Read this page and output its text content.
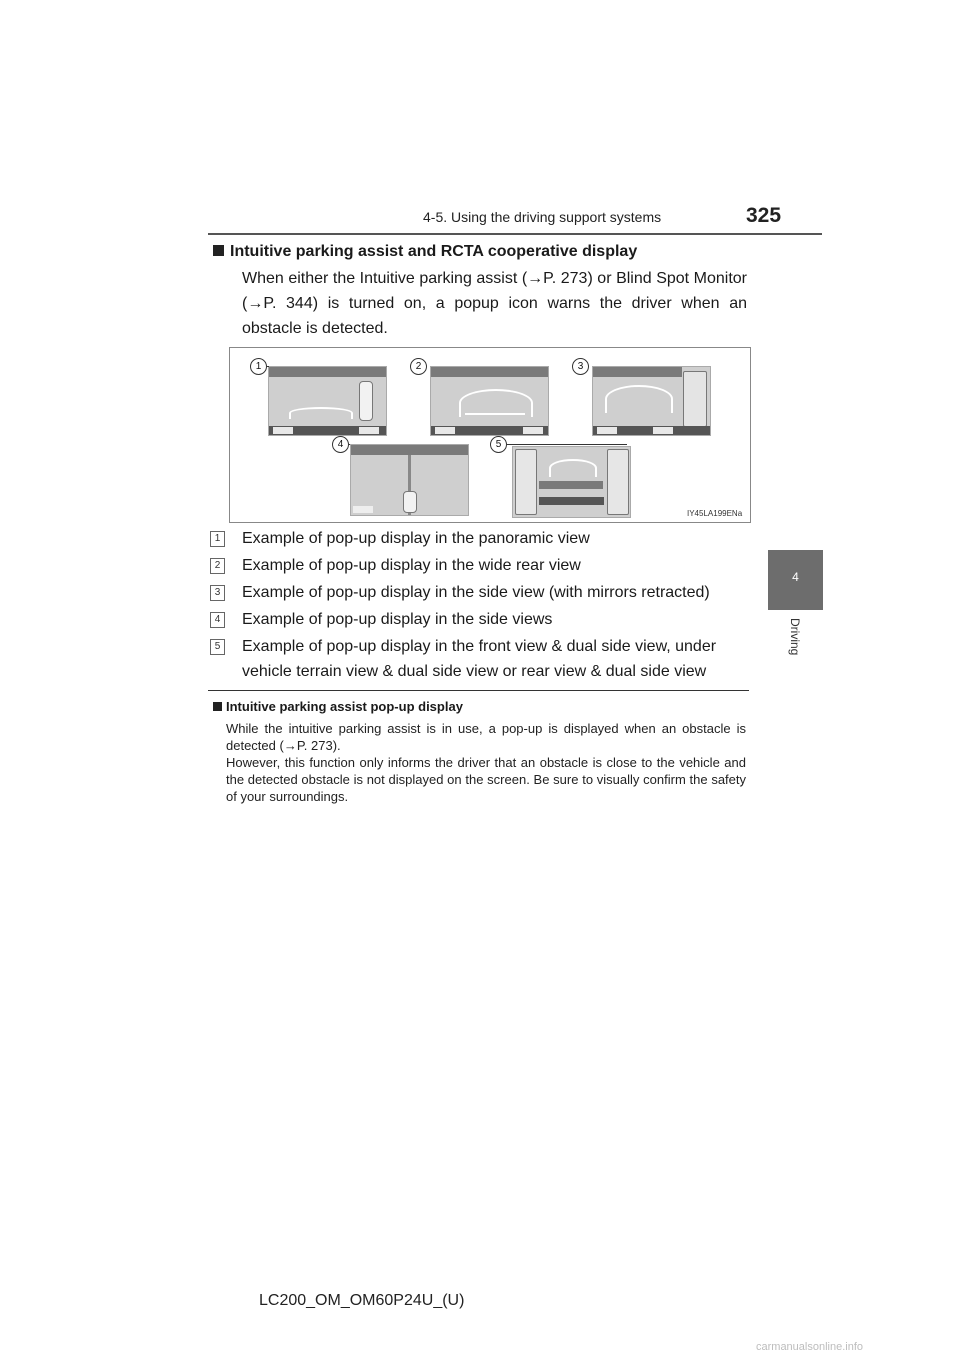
4-5. Using the driving support systems	325
4
Driving
Intuitive parking assist and RCTA cooperative display
When either the Intuitive parking assist (→P. 273) or Blind Spot Monitor (→P. 344) is turned on, a popup icon warns the driver when an obstacle is detected.
1	2	3
4	5
IY45LA199ENa
1 Example of pop-up display in the panoramic view
2 Example of pop-up display in the wide rear view
3 Example of pop-up display in the side view (with mirrors retracted)
4 Example of pop-up display in the side views
5 Example of pop-up display in the front view & dual side view, under vehicle terrain view & dual side view or rear view & dual side view
Intuitive parking assist pop-up display

While the intuitive parking assist is in use, a pop-up is displayed when an obstacle is detected (→P. 273).

However, this function only informs the driver that an obstacle is close to the vehicle and the detected obstacle is not displayed on the screen. Be sure to visually confirm the safety of your surroundings.

LC200_OM_OM60P24U_(U)
carmanualsonline.info
